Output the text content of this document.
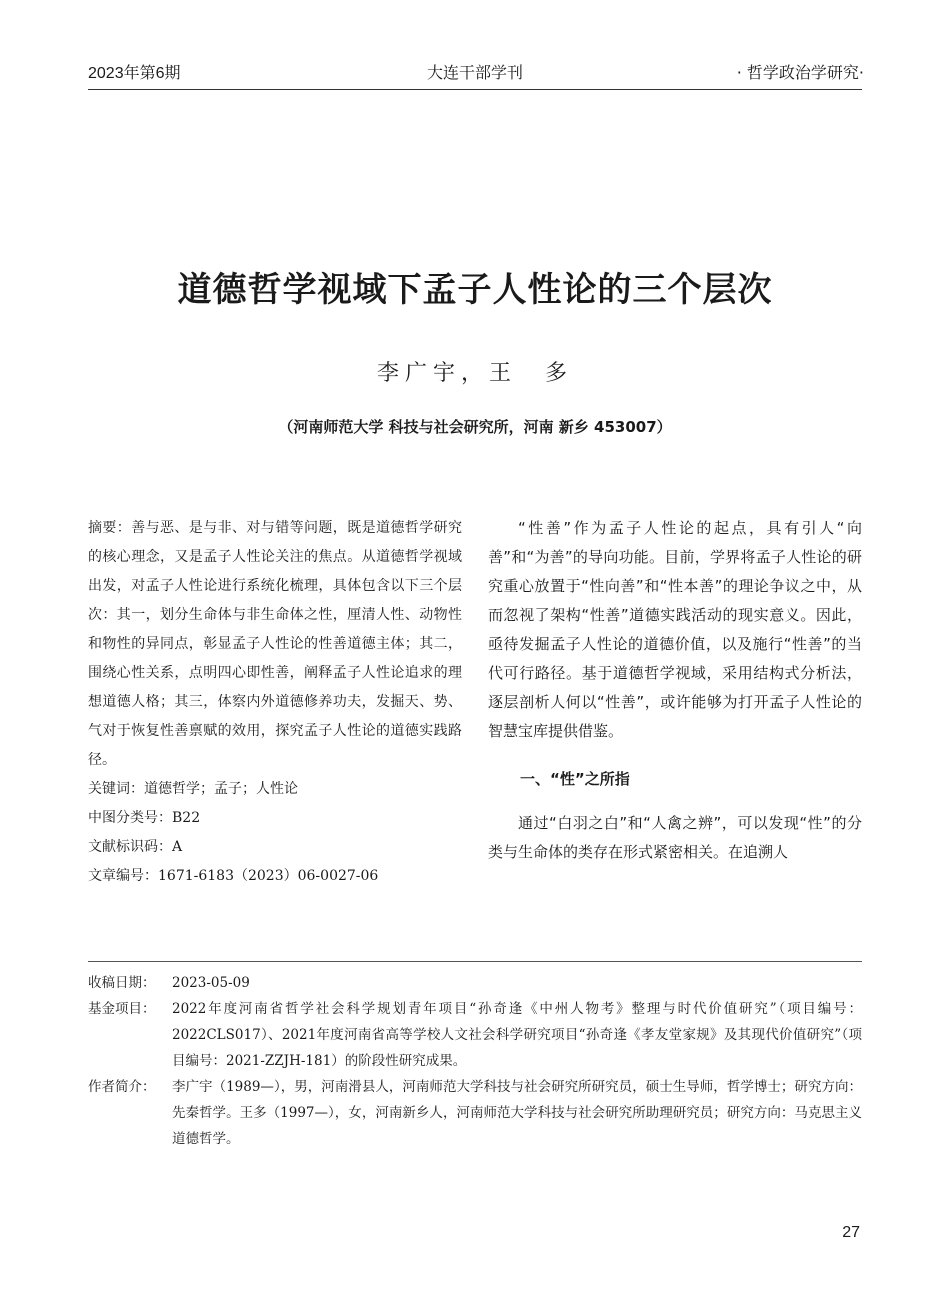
2023年第6期	大连干部学刊	· 哲学政治学研究·
道德哲学视域下孟子人性论的三个层次
李广宇，王　多
（河南师范大学 科技与社会研究所，河南 新乡 453007）

摘要：善与恶、是与非、对与错等问题，既是道德哲学研究的核心理念，又是孟子人性论关注的焦点。从道德哲学视域出发，对孟子人性论进行系统化梳理，具体包含以下三个层次：其一，划分生命体与非生命体之性，厘清人性、动物性和物性的异同点，彰显孟子人性论的性善道德主体；其二，围绕心性关系，点明四心即性善，阐释孟子人性论追求的理想道德人格；其三，体察内外道德修养功夫，发掘天、势、气对于恢复性善禀赋的效用，探究孟子人性论的道德实践路径。

关键词：道德哲学；孟子；人性论

中图分类号：B22

文献标识码：A

文章编号：1671-6183（2023）06-0027-06

“性善”作为孟子人性论的起点，具有引人“向善”和“为善”的导向功能。目前，学界将孟子人性论的研究重心放置于“性向善”和“性本善”的理论争议之中，从而忽视了架构“性善”道德实践活动的现实意义。因此，亟待发掘孟子人性论的道德价值，以及施行“性善”的当代可行路径。基于道德哲学视域，采用结构式分析法，逐层剖析人何以“性善”，或许能够为打开孟子人性论的智慧宝库提供借鉴。

一、“性”之所指

通过“白羽之白”和“人禽之辨”，可以发现“性”的分类与生命体的类存在形式紧密相关。在追溯人

收稿日期：	2023-05-09
基金项目：	2022年度河南省哲学社会科学规划青年项目“孙奇逢《中州人物考》整理与时代价值研究”（项目编号：2022CLS017）、2021年度河南省高等学校人文社会科学研究项目“孙奇逢《孝友堂家规》及其现代价值研究”（项目编号：2021-ZZJH-181）的阶段性研究成果。
作者简介：	李广宇（1989—），男，河南滑县人，河南师范大学科技与社会研究所研究员，硕士生导师，哲学博士；研究方向：先秦哲学。王多（1997—），女，河南新乡人，河南师范大学科技与社会研究所助理研究员；研究方向：马克思主义道德哲学。
27
